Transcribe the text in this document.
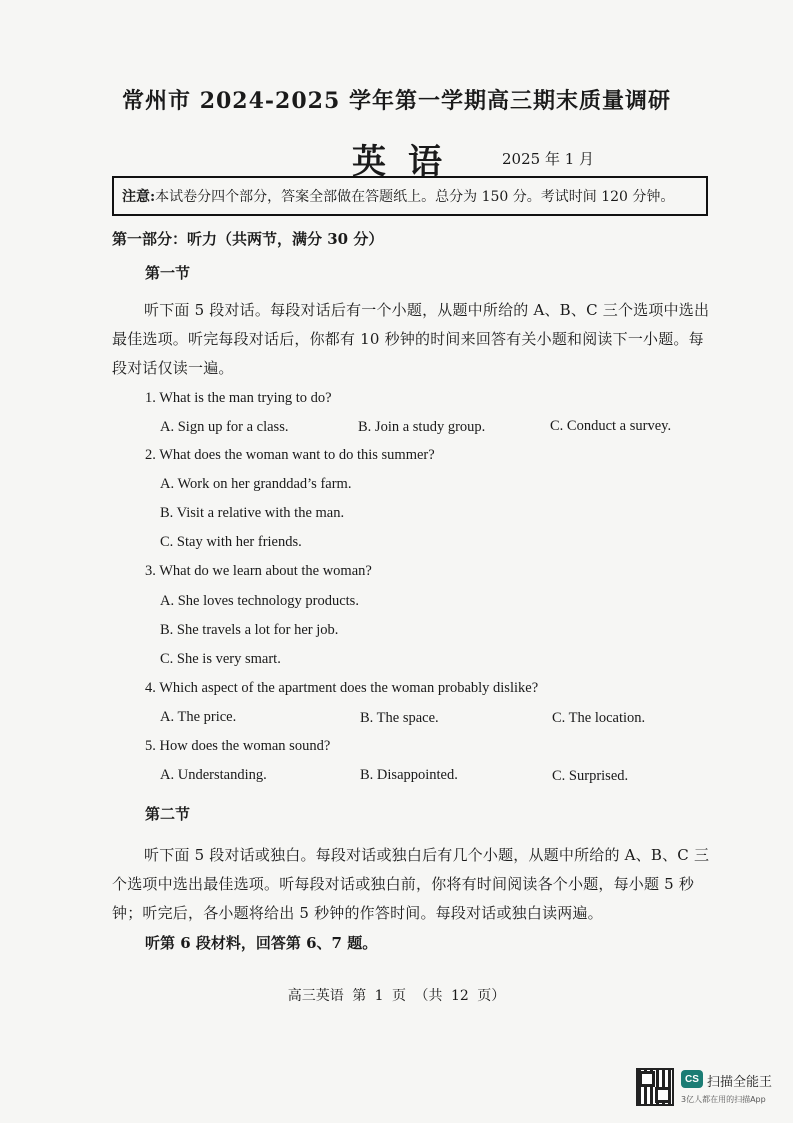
常州市 2024-2025 学年第一学期高三期末质量调研
英语	2025 年 1 月
注意: 本试卷分四个部分，答案全部做在答题纸上。总分为 150 分。考试时间 120 分钟。
第一部分：听力（共两节，满分 30 分）
第一节
听下面 5 段对话。每段对话后有一个小题，从题中所给的 A、B、C 三个选项中选出最佳选项。听完每段对话后，你都有 10 秒钟的时间来回答有关小题和阅读下一小题。每段对话仅读一遍。
1. What is the man trying to do?
A. Sign up for a class.	B. Join a study group.	C. Conduct a survey.
2. What does the woman want to do this summer?
A. Work on her granddad’s farm.
B. Visit a relative with the man.
C. Stay with her friends.
3. What do we learn about the woman?
A. She loves technology products.
B. She travels a lot for her job.
C. She is very smart.
4. Which aspect of the apartment does the woman probably dislike?
A. The price.	B. The space.	C. The location.
5. How does the woman sound?
A. Understanding.	B. Disappointed.	C. Surprised.
第二节
听下面 5 段对话或独白。每段对话或独白后有几个小题，从题中所给的 A、B、C 三个选项中选出最佳选项。听每段对话或独白前，你将有时间阅读各个小题，每小题 5 秒钟；听完后，各小题将给出 5 秒钟的作答时间。每段对话或独白读两遍。
听第 6 段材料，回答第 6、7 题。
高三英语 第 1 页 （共 12 页）
CS 扫描全能王
3亿人都在用的扫描App
